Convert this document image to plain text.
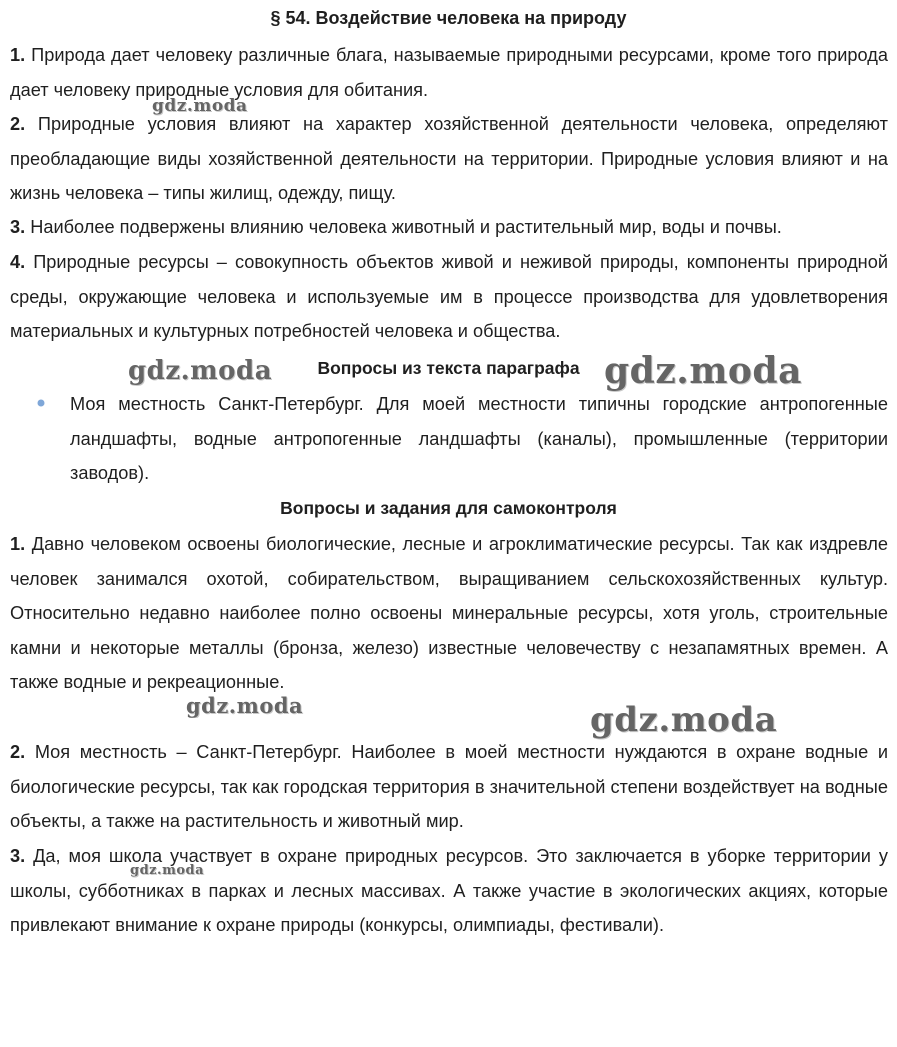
§ 54. Воздействие человека на природу

1. Природа дает человеку различные блага, называемые природными ресурсами, кроме того природа дает человеку природные условия для обитания.

2. Природные условия влияют на характер хозяйственной деятельности человека, определяют преобладающие виды хозяйственной деятельности на территории. Природные условия влияют и на жизнь человека – типы жилищ, одежду, пищу.

3. Наиболее подвержены влиянию человека животный и растительный мир, воды и почвы.

4. Природные ресурсы – совокупность объектов живой и неживой природы, компоненты природной среды, окружающие человека и используемые им в процессе производства для удовлетворения материальных и культурных потребностей человека и общества.

Вопросы из текста параграфа
Моя местность Санкт-Петербург. Для моей местности типичны городские антропогенные ландшафты, водные антропогенные ландшафты (каналы), промышленные (территории заводов).
Вопросы и задания для самоконтроля

1. Давно человеком освоены биологические, лесные и агроклиматические ресурсы. Так как издревле человек занимался охотой, собирательством, выращиванием сельскохозяйственных культур. Относительно недавно наиболее полно освоены минеральные ресурсы, хотя уголь, строительные камни и некоторые металлы (бронза, железо) известные человечеству с незапамятных времен. А также водные и рекреационные.

2. Моя местность – Санкт-Петербург. Наиболее в моей местности нуждаются в охране водные и биологические ресурсы, так как городская территория в значительной степени воздействует на водные объекты, а также на растительность и животный мир.

3. Да, моя школа участвует в охране природных ресурсов. Это заключается в уборке территории у школы, субботниках в парках и лесных массивах. А также участие в экологических акциях, которые привлекают внимание к охране природы (конкурсы, олимпиады, фестивали).

gdz.moda
gdz.moda	gdz.moda
gdz.moda	gdz.moda
gdz.moda
